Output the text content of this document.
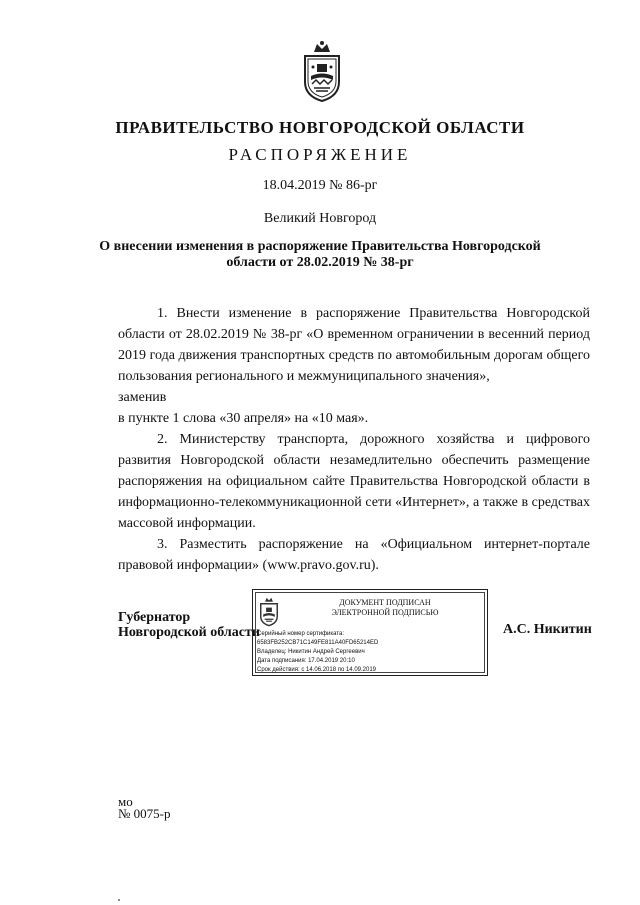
ПРАВИТЕЛЬСТВО НОВГОРОДСКОЙ ОБЛАСТИ
РАСПОРЯЖЕНИЕ
18.04.2019 № 86-рг
Великий Новгород
О внесении изменения в распоряжение Правительства Новгородской
области от 28.02.2019 № 38-рг

1. Внести изменение в распоряжение Правительства Новгородской области от 28.02.2019 № 38-рг «О временном ограничении в весенний период 2019 года движения транспортных средств по автомобильным дорогам общего пользования регионального и межмуниципального значения»,

заменив

в пункте 1 слова «30 апреля» на «10 мая».

2. Министерству транспорта, дорожного хозяйства и цифрового развития Новгородской области незамедлительно обеспечить размещение распоряжения на официальном сайте Правительства Новгородской области в информационно-телекоммуникационной сети «Интернет», а также в средствах массовой информации.

3. Разместить распоряжение на «Официальном интернет-портале правовой информации» (www.pravo.gov.ru).

Губернатор
Новгородской области
ДОКУМЕНТ ПОДПИСАН
ЭЛЕКТРОННОЙ ПОДПИСЬЮ
Серийный номер сертификата:
6583FB252CB71C149FE811A40FD65214ED
Владелец: Никитин Андрей Сергеевич
Дата подписания: 17.04.2019 20:10
Срок действия: с 14.06.2018 по 14.09.2019
А.С. Никитин
мо
№ 0075-р
